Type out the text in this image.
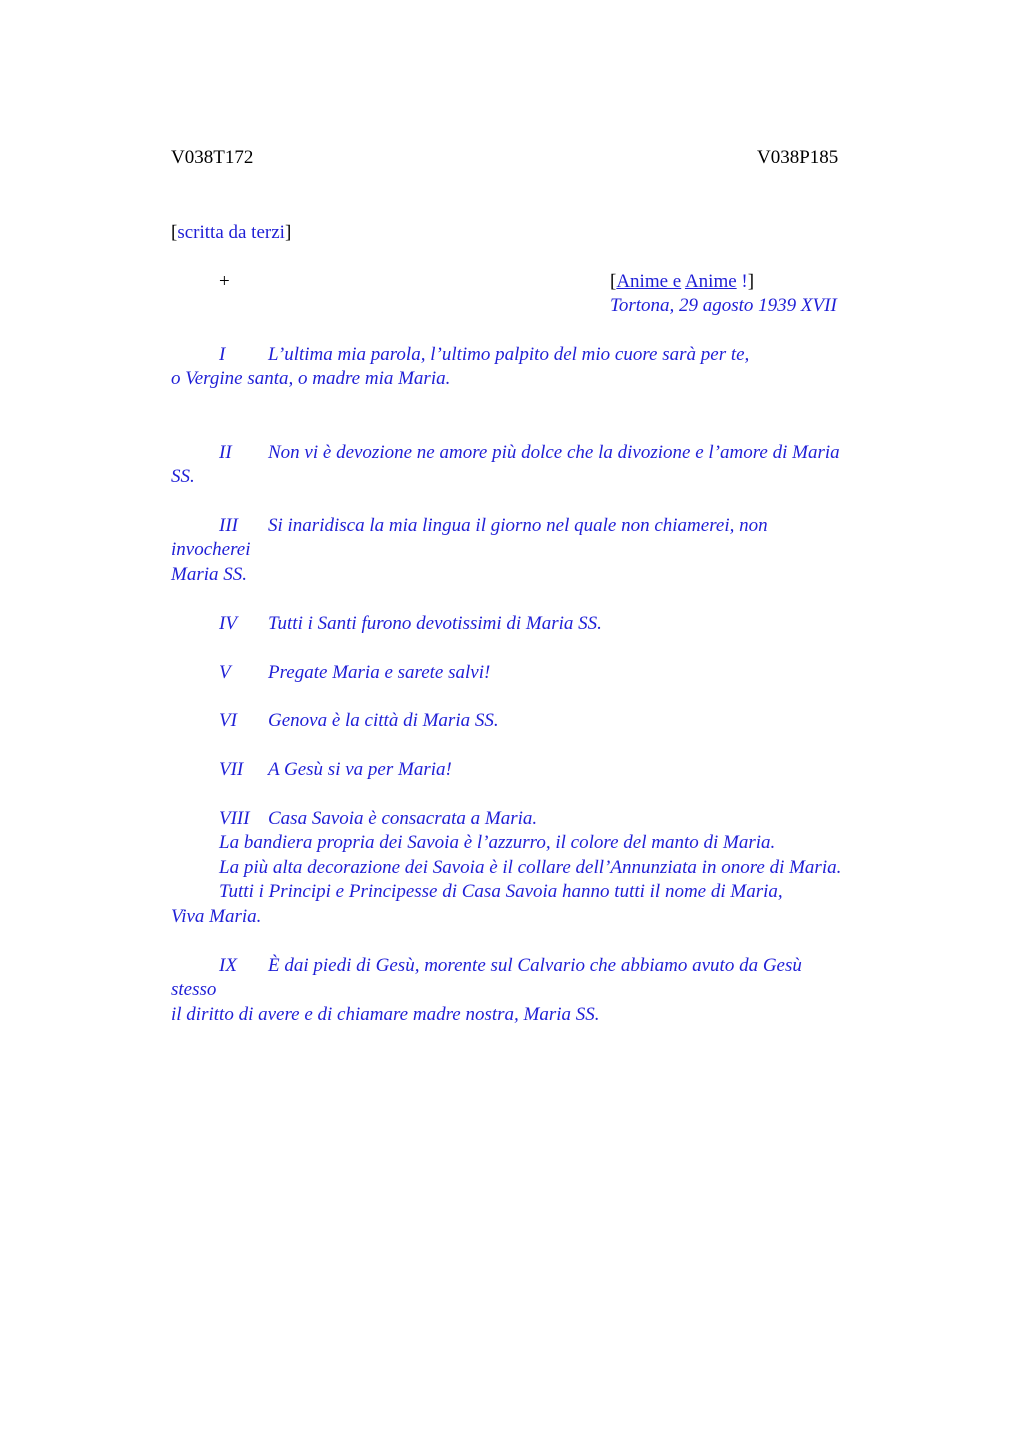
V038T172	V038P185
[scritta da terzi]
+	[Anime e Anime !]
Tortona, 29 agosto 1939 XVII
I L’ultima mia parola, l’ultimo palpito del mio cuore sarà per te,
o Vergine santa, o madre mia Maria.
II Non vi è devozione ne amore più dolce che la divozione e l’amore di Maria
SS.
III Si inaridisca la mia lingua il giorno nel quale non chiamerei, non
invocherei
Maria SS.
IV Tutti i Santi furono devotissimi di Maria SS.
V Pregate Maria e sarete salvi!
VI Genova è la città di Maria SS.
VII A Gesù si va per Maria!
VIII Casa Savoia è consacrata a Maria.
La bandiera propria dei Savoia è l’azzurro, il colore del manto di Maria.
La più alta decorazione dei Savoia è il collare dell’Annunziata in onore di Maria.
Tutti i Principi e Principesse di Casa Savoia hanno tutti il nome di Maria,
Viva Maria.
IX È dai piedi di Gesù, morente sul Calvario che abbiamo avuto da Gesù
stesso
il diritto di avere e di chiamare madre nostra, Maria SS.
